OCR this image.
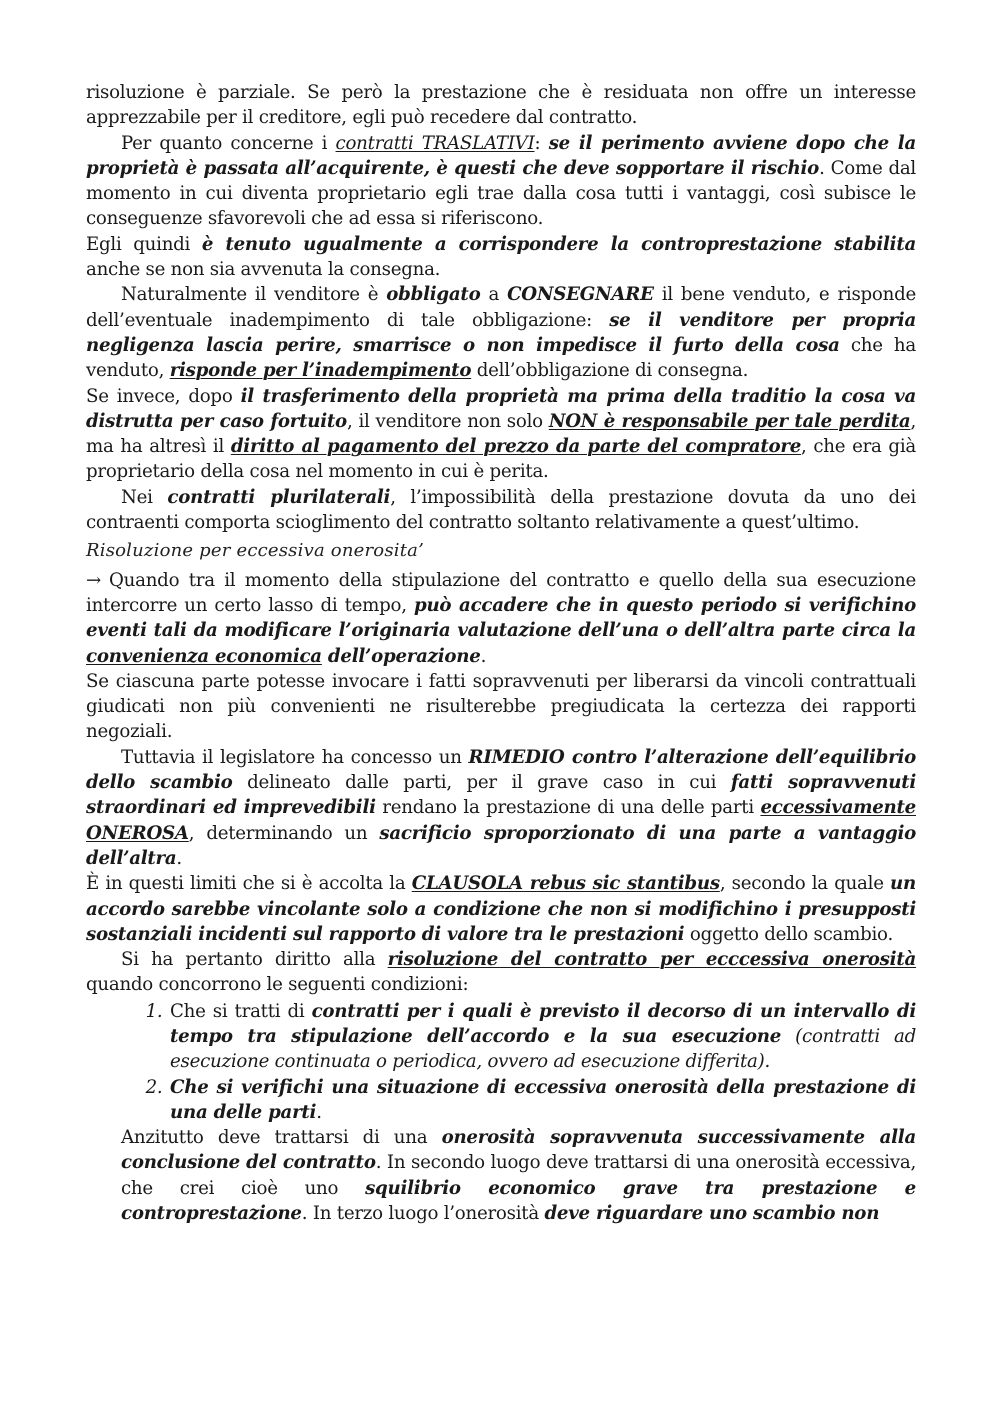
risoluzione è parziale. Se però la prestazione che è residuata non offre un interesse apprezzabile per il creditore, egli può recedere dal contratto.

Per quanto concerne i contratti TRASLATIVI: se il perimento avviene dopo che la proprietà è passata all’acquirente, è questi che deve sopportare il rischio. Come dal momento in cui diventa proprietario egli trae dalla cosa tutti i vantaggi, così subisce le conseguenze sfavorevoli che ad essa si riferiscono.

Egli quindi è tenuto ugualmente a corrispondere la controprestazione stabilita anche se non sia avvenuta la consegna.

Naturalmente il venditore è obbligato a CONSEGNARE il bene venduto, e risponde dell’eventuale inadempimento di tale obbligazione: se il venditore per propria negligenza lascia perire, smarrisce o non impedisce il furto della cosa che ha venduto, risponde per l’inadempimento dell’obbligazione di consegna.

Se invece, dopo il trasferimento della proprietà ma prima della traditio la cosa va distrutta per caso fortuito, il venditore non solo NON è responsabile per tale perdita, ma ha altresì il diritto al pagamento del prezzo da parte del compratore, che era già proprietario della cosa nel momento in cui è perita.

Nei contratti plurilaterali, l’impossibilità della prestazione dovuta da uno dei contraenti comporta scioglimento del contratto soltanto relativamente a quest’ultimo.

Risoluzione per eccessiva onerosita’

→ Quando tra il momento della stipulazione del contratto e quello della sua esecuzione intercorre un certo lasso di tempo, può accadere che in questo periodo si verifichino eventi tali da modificare l’originaria valutazione dell’una o dell’altra parte circa la convenienza economica dell’operazione.

Se ciascuna parte potesse invocare i fatti sopravvenuti per liberarsi da vincoli contrattuali giudicati non più convenienti ne risulterebbe pregiudicata la certezza dei rapporti negoziali.

Tuttavia il legislatore ha concesso un RIMEDIO contro l’alterazione dell’equilibrio dello scambio delineato dalle parti, per il grave caso in cui fatti sopravvenuti straordinari ed imprevedibili rendano la prestazione di una delle parti eccessivamente ONEROSA, determinando un sacrificio sproporzionato di una parte a vantaggio dell’altra.

È in questi limiti che si è accolta la CLAUSOLA rebus sic stantibus, secondo la quale un accordo sarebbe vincolante solo a condizione che non si modifichino i presupposti sostanziali incidenti sul rapporto di valore tra le prestazioni oggetto dello scambio.

Si ha pertanto diritto alla risoluzione del contratto per ecccessiva onerosità quando concorrono le seguenti condizioni:

1. Che si tratti di contratti per i quali è previsto il decorso di un intervallo di tempo tra stipulazione dell’accordo e la sua esecuzione (contratti ad esecuzione continuata o periodica, ovvero ad esecuzione differita).
2. Che si verifichi una situazione di eccessiva onerosità della prestazione di una delle parti.

Anzitutto deve trattarsi di una onerosità sopravvenuta successivamente alla conclusione del contratto. In secondo luogo deve trattarsi di una onerosità eccessiva, che crei cioè uno squilibrio economico grave tra prestazione e controprestazione. In terzo luogo l’onerosità deve riguardare uno scambio non
